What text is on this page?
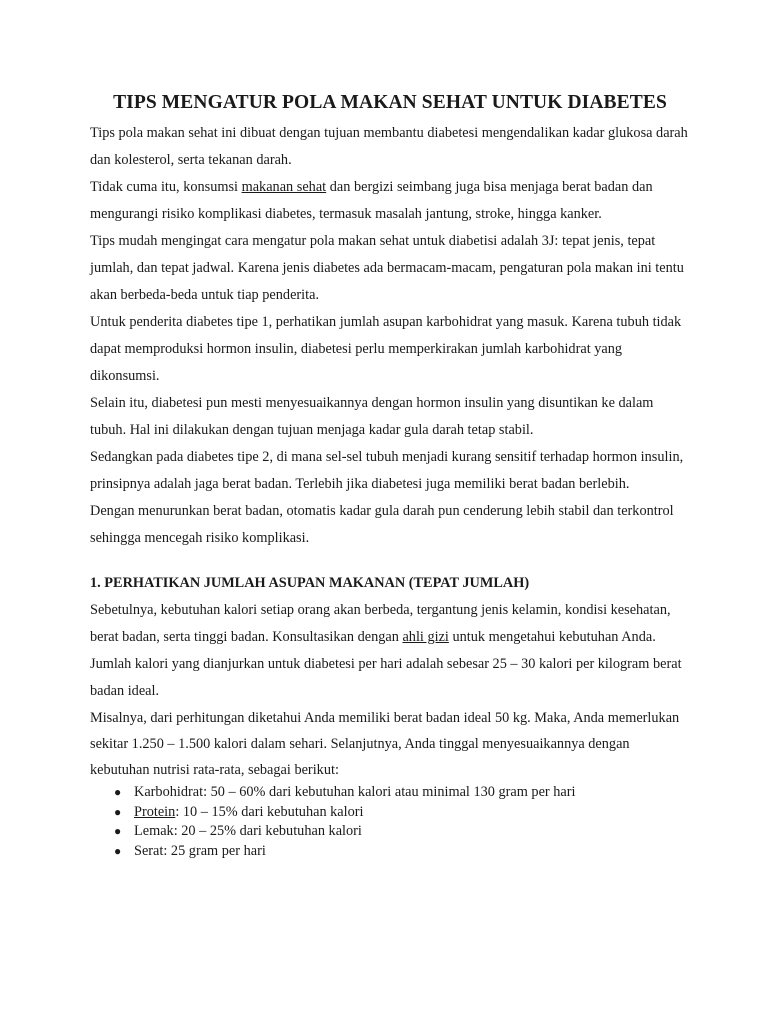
TIPS MENGATUR POLA MAKAN SEHAT UNTUK DIABETES

Tips pola makan sehat ini dibuat dengan tujuan membantu diabetesi mengendalikan kadar glukosa darah dan kolesterol, serta tekanan darah.

Tidak cuma itu, konsumsi makanan sehat dan bergizi seimbang juga bisa menjaga berat badan dan mengurangi risiko komplikasi diabetes, termasuk masalah jantung, stroke, hingga kanker.

Tips mudah mengingat cara mengatur pola makan sehat untuk diabetisi adalah 3J: tepat jenis, tepat jumlah, dan tepat jadwal. Karena jenis diabetes ada bermacam-macam, pengaturan pola makan ini tentu akan berbeda-beda untuk tiap penderita.

Untuk penderita diabetes tipe 1, perhatikan jumlah asupan karbohidrat yang masuk. Karena tubuh tidak dapat memproduksi hormon insulin, diabetesi perlu memperkirakan jumlah karbohidrat yang dikonsumsi.

Selain itu, diabetesi pun mesti menyesuaikannya dengan hormon insulin yang disuntikan ke dalam tubuh. Hal ini dilakukan dengan tujuan menjaga kadar gula darah tetap stabil.

Sedangkan pada diabetes tipe 2, di mana sel-sel tubuh menjadi kurang sensitif terhadap hormon insulin, prinsipnya adalah jaga berat badan. Terlebih jika diabetesi juga memiliki berat badan berlebih.

Dengan menurunkan berat badan, otomatis kadar gula darah pun cenderung lebih stabil dan terkontrol sehingga mencegah risiko komplikasi.

1. PERHATIKAN JUMLAH ASUPAN MAKANAN (TEPAT JUMLAH)

Sebetulnya, kebutuhan kalori setiap orang akan berbeda, tergantung jenis kelamin, kondisi kesehatan, berat badan, serta tinggi badan. Konsultasikan dengan ahli gizi untuk mengetahui kebutuhan Anda.

Jumlah kalori yang dianjurkan untuk diabetesi per hari adalah sebesar 25 – 30 kalori per kilogram berat badan ideal.

Misalnya, dari perhitungan diketahui Anda memiliki berat badan ideal 50 kg. Maka, Anda memerlukan sekitar 1.250 – 1.500 kalori dalam sehari. Selanjutnya, Anda tinggal menyesuaikannya dengan kebutuhan nutrisi rata-rata, sebagai berikut:

● Karbohidrat: 50 – 60% dari kebutuhan kalori atau minimal 130 gram per hari
● Protein: 10 – 15% dari kebutuhan kalori
● Lemak: 20 – 25% dari kebutuhan kalori
● Serat: 25 gram per hari
